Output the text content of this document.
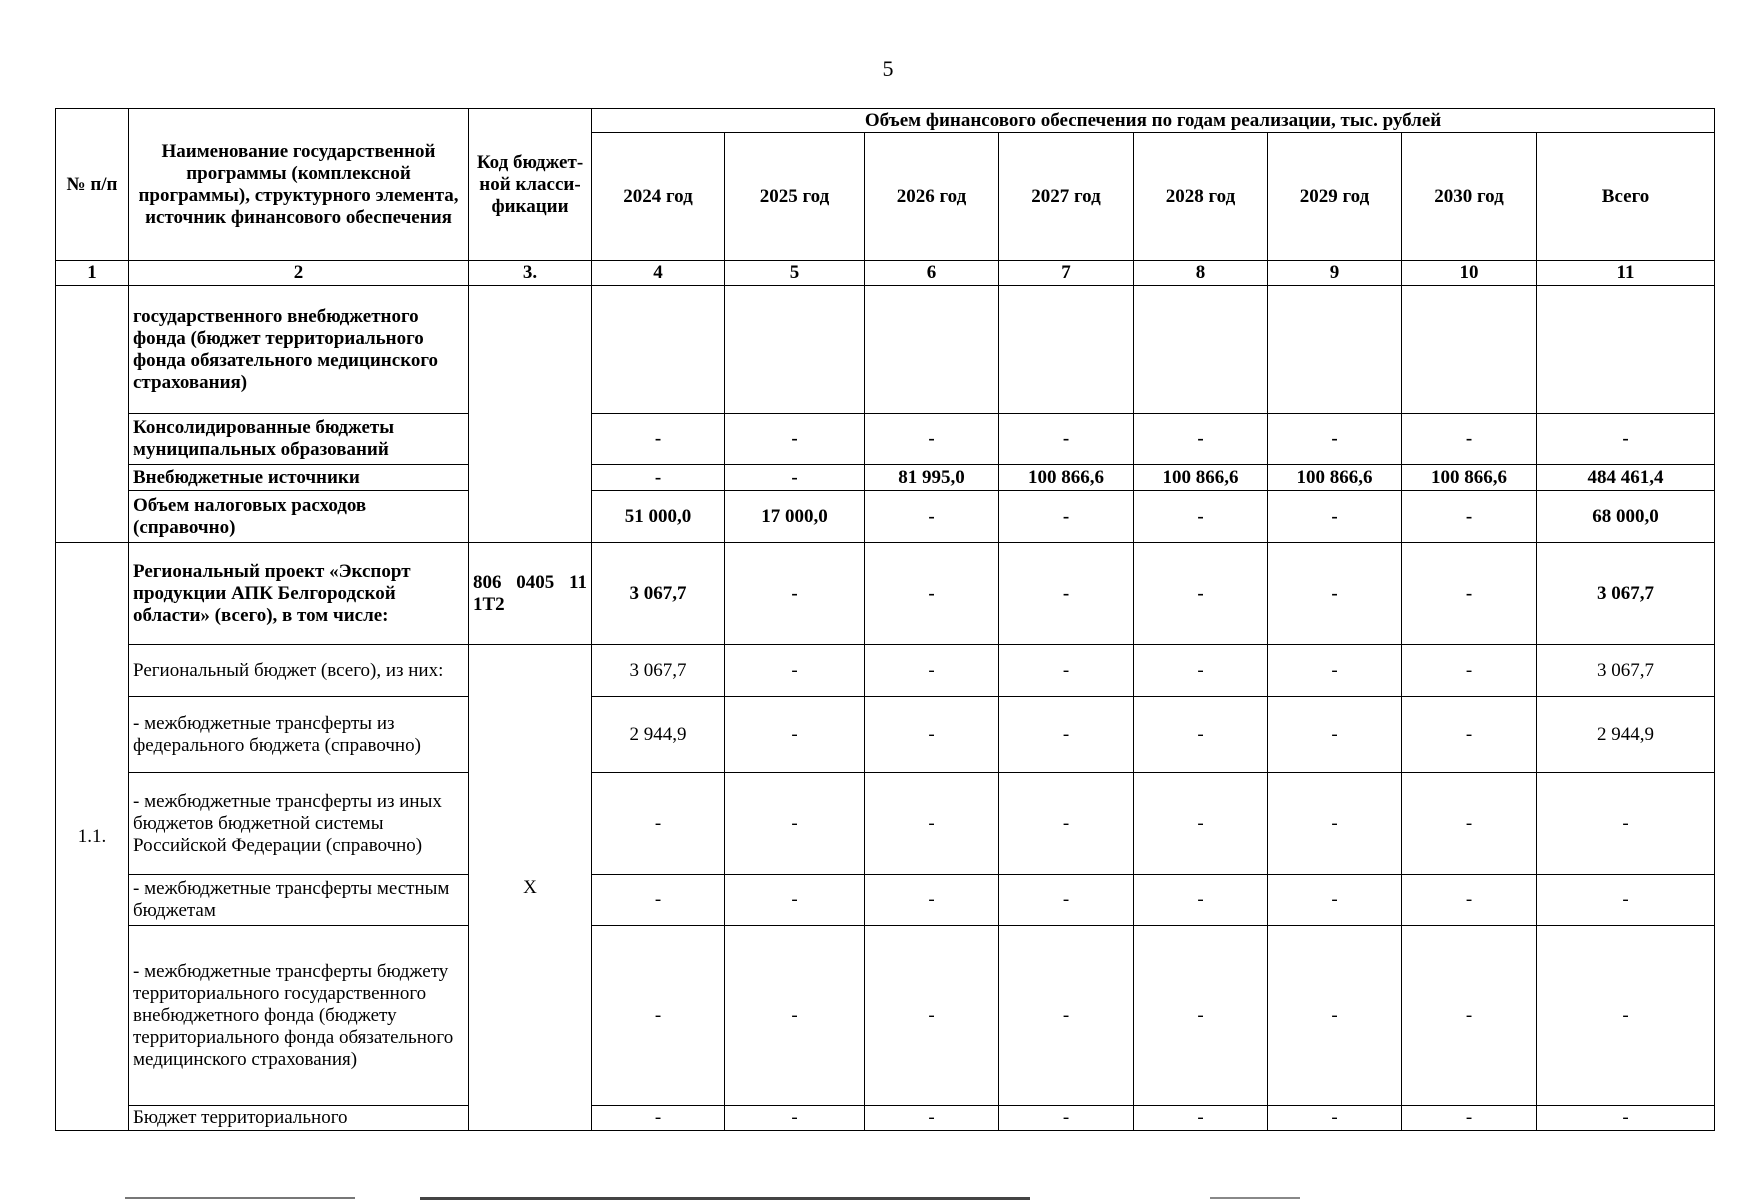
5
№ п/п	Наименование государственной программы (комплексной программы), структурного элемента, источник финансового обеспечения	Код бюджет-ной класси-фикации	Объем финансового обеспечения по годам реализации, тыс. рублей							
			2024 год	2025 год	2026 год	2027 год	2028 год	2029 год	2030 год	Всего
1	2	3.	4	5	6	7	8	9	10	11
	государственного внебюджетного фонда (бюджет территориального фонда обязательного медицинского страхования)									
	Консолидированные бюджеты муниципальных образований		-	-	-	-	-	-	-	-
	Внебюджетные источники		-	-	81 995,0	100 866,6	100 866,6	100 866,6	100 866,6	484 461,4
	Объем налоговых расходов (справочно)		51 000,0	17 000,0	-	-	-	-	-	68 000,0
1.1.	Региональный проект «Экспорт продукции АПК Белгородской области» (всего), в том числе:	806 0405 11 1Т2	3 067,7	-	-	-	-	-	-	3 067,7
	Региональный бюджет (всего), из них:	Х	3 067,7	-	-	-	-	-	-	3 067,7
	- межбюджетные трансферты из федерального бюджета (справочно)		2 944,9	-	-	-	-	-	-	2 944,9
	- межбюджетные трансферты из иных бюджетов бюджетной системы Российской Федерации (справочно)		-	-	-	-	-	-	-	-
	- межбюджетные трансферты местным бюджетам		-	-	-	-	-	-	-	-
	- межбюджетные трансферты бюджету территориального государственного внебюджетного фонда (бюджету территориального фонда обязательного медицинского страхования)		-	-	-	-	-	-	-	-
	Бюджет территориального		-	-	-	-	-	-	-	-
